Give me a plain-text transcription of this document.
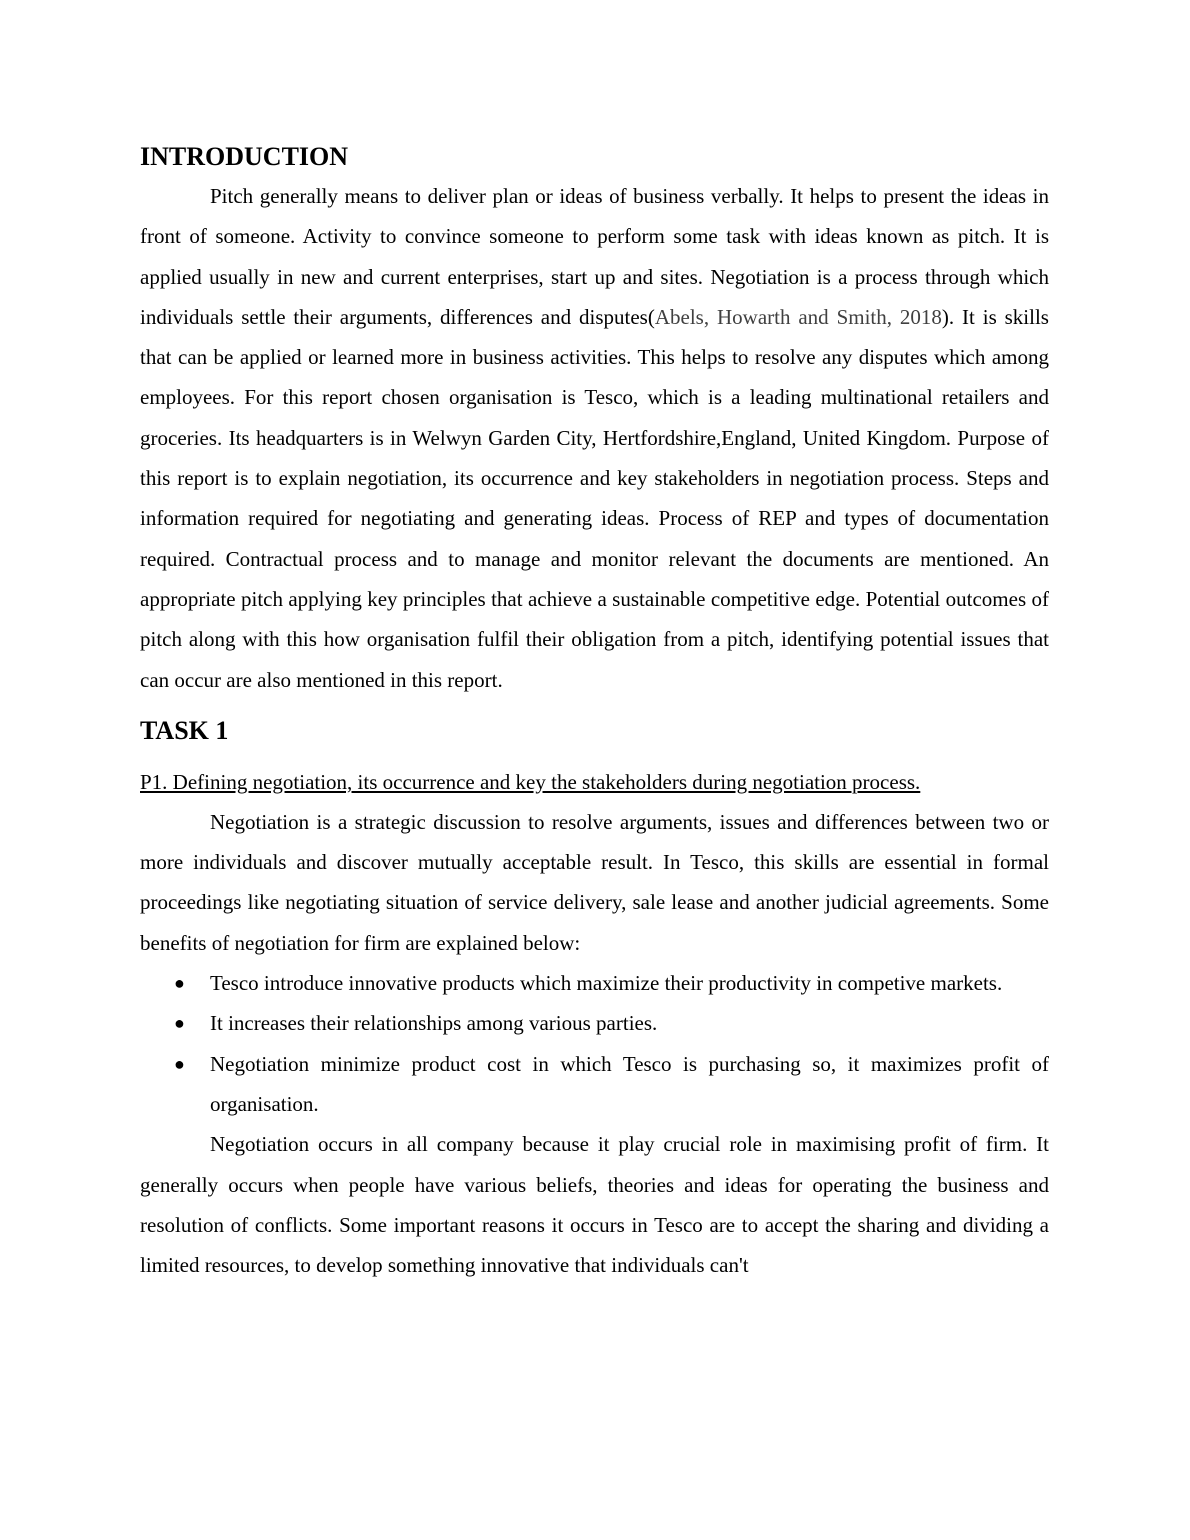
INTRODUCTION

Pitch generally means to deliver plan or ideas of business verbally. It helps to present the ideas in front of someone. Activity to convince someone to perform some task with ideas known as pitch. It is applied usually in new and current enterprises, start up and sites. Negotiation is a process through which individuals settle their arguments, differences and disputes(Abels, Howarth and Smith, 2018). It is skills that can be applied or learned more in business activities. This helps to resolve any disputes which among employees. For this report chosen organisation is Tesco, which is a leading multinational retailers and groceries. Its headquarters is in Welwyn Garden City, Hertfordshire,England, United Kingdom. Purpose of this report is to explain negotiation, its occurrence and key stakeholders in negotiation process. Steps and information required for negotiating and generating ideas. Process of REP and types of documentation required. Contractual process and to manage and monitor relevant the documents are mentioned. An appropriate pitch applying key principles that achieve a sustainable competitive edge. Potential outcomes of pitch along with this how organisation fulfil their obligation from a pitch, identifying potential issues that can occur are also mentioned in this report.

TASK 1

P1. Defining negotiation, its occurrence and key the stakeholders during negotiation process.

Negotiation is a strategic discussion to resolve arguments, issues and differences between two or more individuals and discover mutually acceptable result. In Tesco, this skills are essential in formal proceedings like negotiating situation of service delivery, sale lease and another judicial agreements. Some benefits of negotiation for firm are explained below:

● Tesco introduce innovative products which maximize their productivity in competive markets.
● It increases their relationships among various parties.
● Negotiation minimize product cost in which Tesco is purchasing so, it maximizes profit of organisation.

Negotiation occurs in all company because it play crucial role in maximising profit of firm. It generally occurs when people have various beliefs, theories and ideas for operating the business and resolution of conflicts. Some important reasons it occurs in Tesco are to accept the sharing and dividing a limited resources, to develop something innovative that individuals can't
